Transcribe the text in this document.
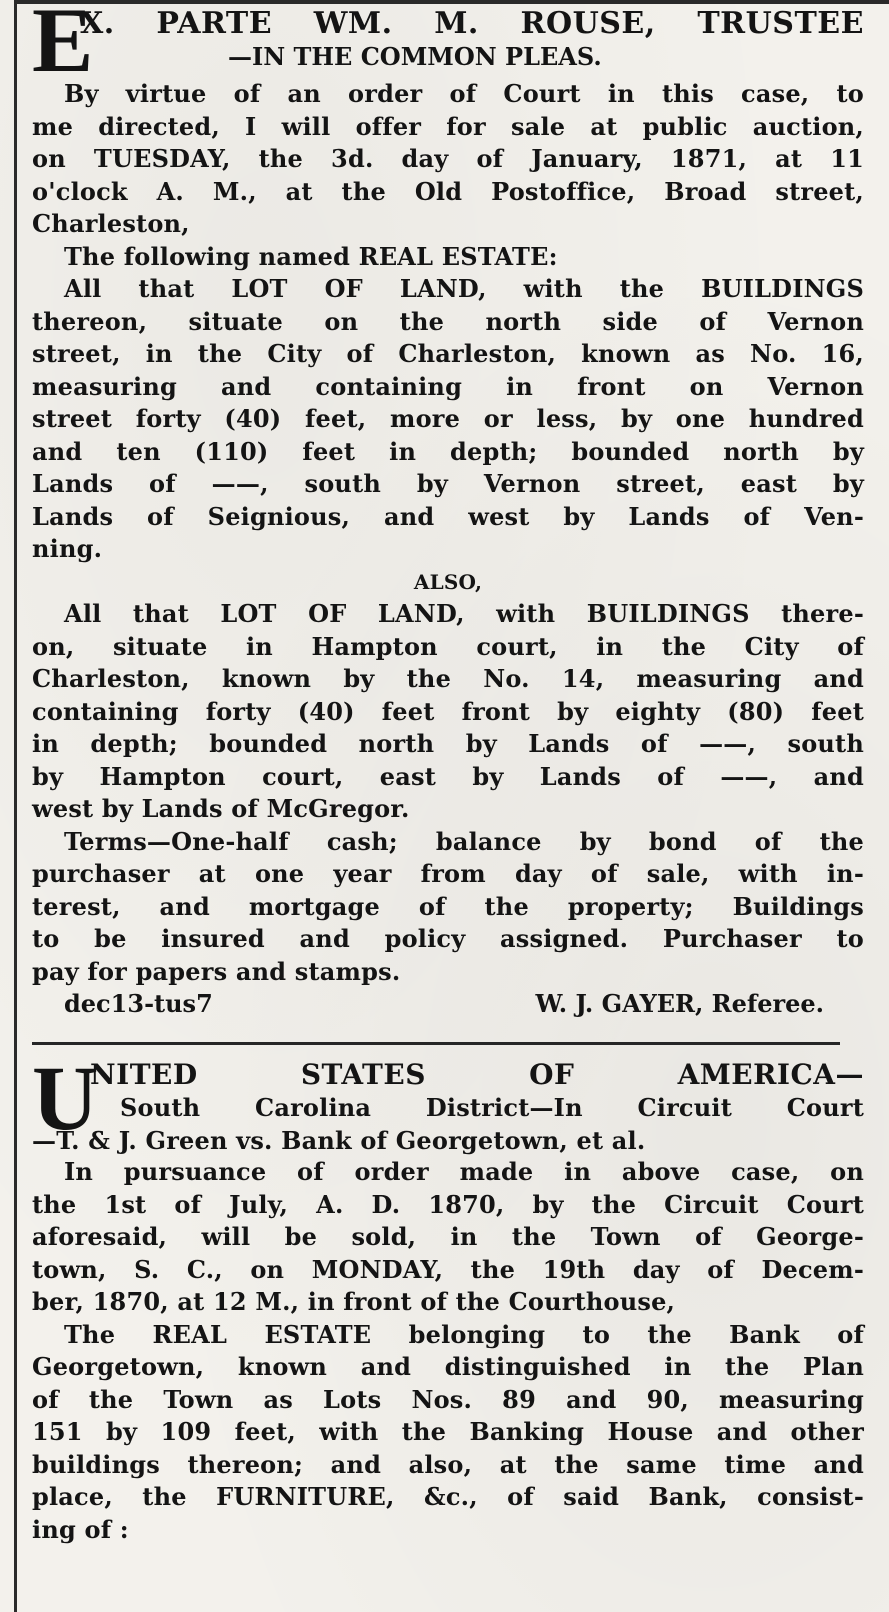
E
X. PARTE WM. M. ROUSE, TRUSTEE
—IN THE COMMON PLEAS.
By virtue of an order of Court in this case, to
me directed, I will offer for sale at public auction,
on TUESDAY, the 3d. day of January, 1871, at 11
o'clock A. M., at the Old Postoffice, Broad street,
Charleston,
The following named REAL ESTATE:
All that LOT OF LAND, with the BUILDINGS
thereon, situate on the north side of Vernon
street, in the City of Charleston, known as No. 16,
measuring and containing in front on Vernon
street forty (40) feet, more or less, by one hundred
and ten (110) feet in depth; bounded north by
Lands of ——, south by Vernon street, east by
Lands of Seignious, and west by Lands of Ven-
ning.
ALSO,
All that LOT OF LAND, with BUILDINGS there-
on, situate in Hampton court, in the City of
Charleston, known by the No. 14, measuring and
containing forty (40) feet front by eighty (80) feet
in depth; bounded north by Lands of ——, south
by Hampton court, east by Lands of ——, and
west by Lands of McGregor.
Terms—One-half cash; balance by bond of the
purchaser at one year from day of sale, with in-
terest, and mortgage of the property; Buildings
to be insured and policy assigned. Purchaser to
pay for papers and stamps.
dec13-tus7	W. J. GAYER, Referee.
U
NITED STATES OF AMERICA—
South Carolina District—In Circuit Court
—T. & J. Green vs. Bank of Georgetown, et al.
In pursuance of order made in above case, on
the 1st of July, A. D. 1870, by the Circuit Court
aforesaid, will be sold, in the Town of George-
town, S. C., on MONDAY, the 19th day of Decem-
ber, 1870, at 12 M., in front of the Courthouse,
The REAL ESTATE belonging to the Bank of
Georgetown, known and distinguished in the Plan
of the Town as Lots Nos. 89 and 90, measuring
151 by 109 feet, with the Banking House and other
buildings thereon; and also, at the same time and
place, the FURNITURE, &c., of said Bank, consist-
ing of :
